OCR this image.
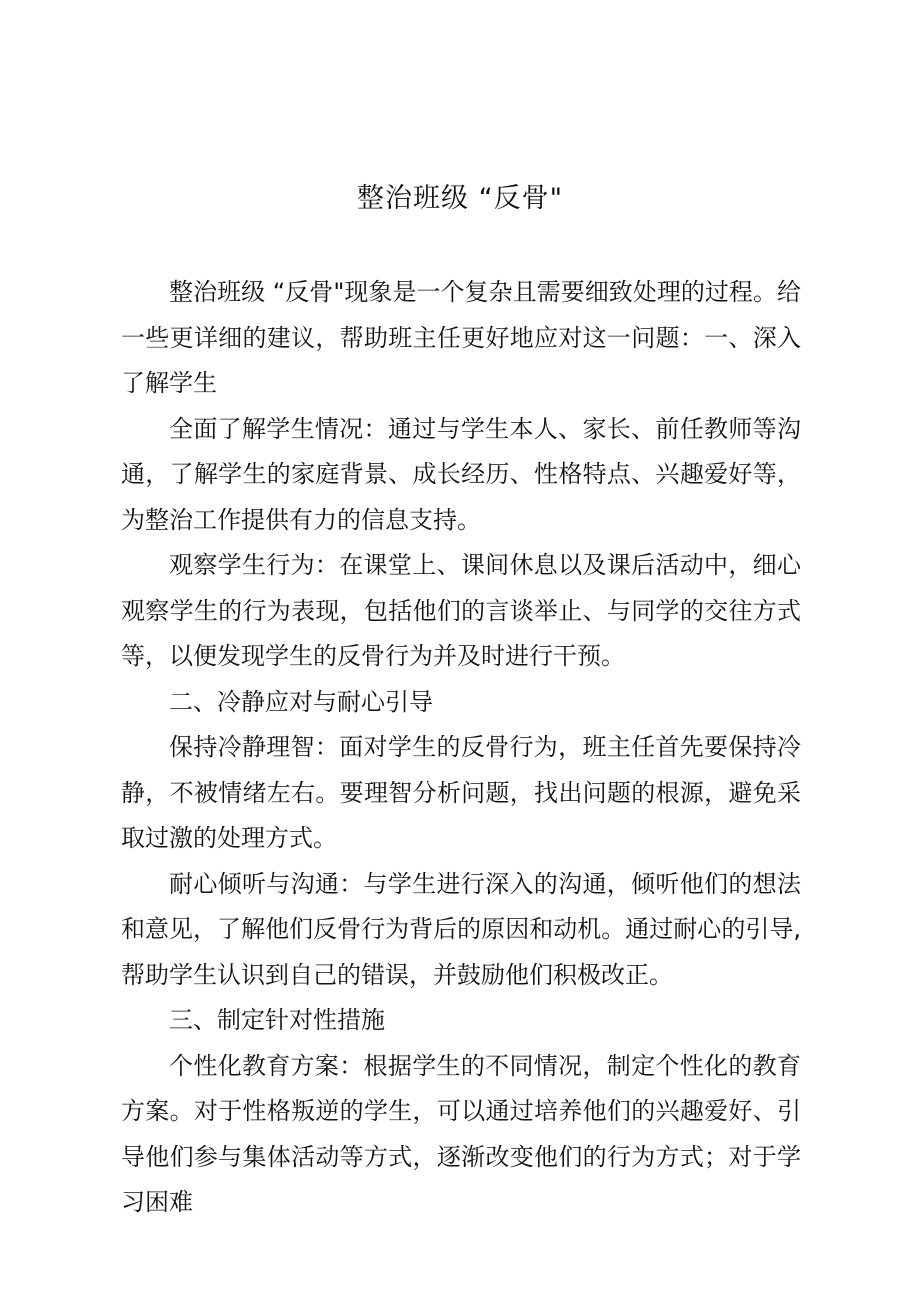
整治班级 “反骨"

整治班级 “反骨"现象是一个复杂且需要细致处理的过程。给一些更详细的建议，帮助班主任更好地应对这一问题：一、深入了解学生

全面了解学生情况：通过与学生本人、家长、前任教师等沟通，了解学生的家庭背景、成长经历、性格特点、兴趣爱好等，为整治工作提供有力的信息支持。

观察学生行为：在课堂上、课间休息以及课后活动中，细心观察学生的行为表现，包括他们的言谈举止、与同学的交往方式等，以便发现学生的反骨行为并及时进行干预。

二、冷静应对与耐心引导

保持冷静理智：面对学生的反骨行为，班主任首先要保持冷静，不被情绪左右。要理智分析问题，找出问题的根源，避免采取过激的处理方式。

耐心倾听与沟通：与学生进行深入的沟通，倾听他们的想法和意见，了解他们反骨行为背后的原因和动机。通过耐心的引导,帮助学生认识到自己的错误，并鼓励他们积极改正。

三、制定针对性措施

个性化教育方案：根据学生的不同情况，制定个性化的教育方案。对于性格叛逆的学生，可以通过培养他们的兴趣爱好、引导他们参与集体活动等方式，逐渐改变他们的行为方式；对于学习困难
